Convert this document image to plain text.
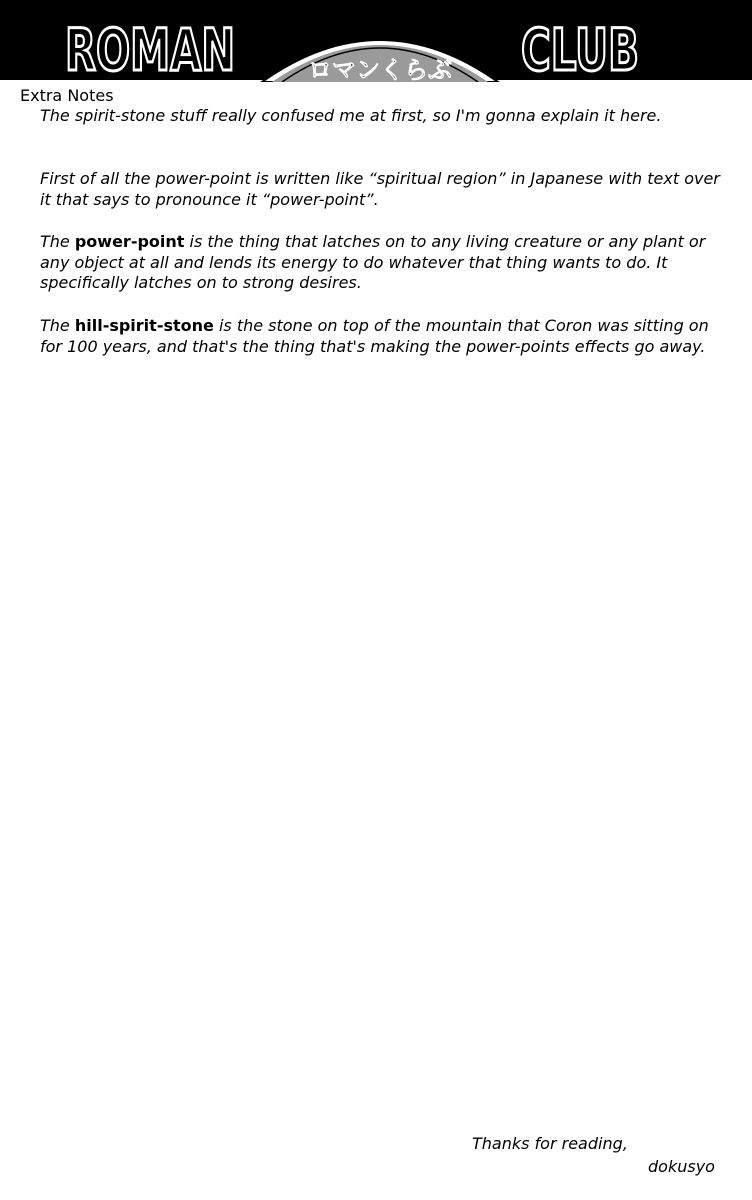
ロマンくらぶ
ROMAN	CLUB
Extra Notes

The spirit-stone stuff really confused me at first, so I'm gonna explain it here.

First of all the power-point is written like “spiritual region” in Japanese with text over it that says to pronounce it “power-point”.

The power-point is the thing that latches on to any living creature or any plant or any object at all and lends its energy to do whatever that thing wants to do. It specifically latches on to strong desires.

The hill-spirit-stone is the stone on top of the mountain that Coron was sitting on for 100 years, and that's the thing that's making the power-points effects go away.

Thanks for reading,
dokusyo
